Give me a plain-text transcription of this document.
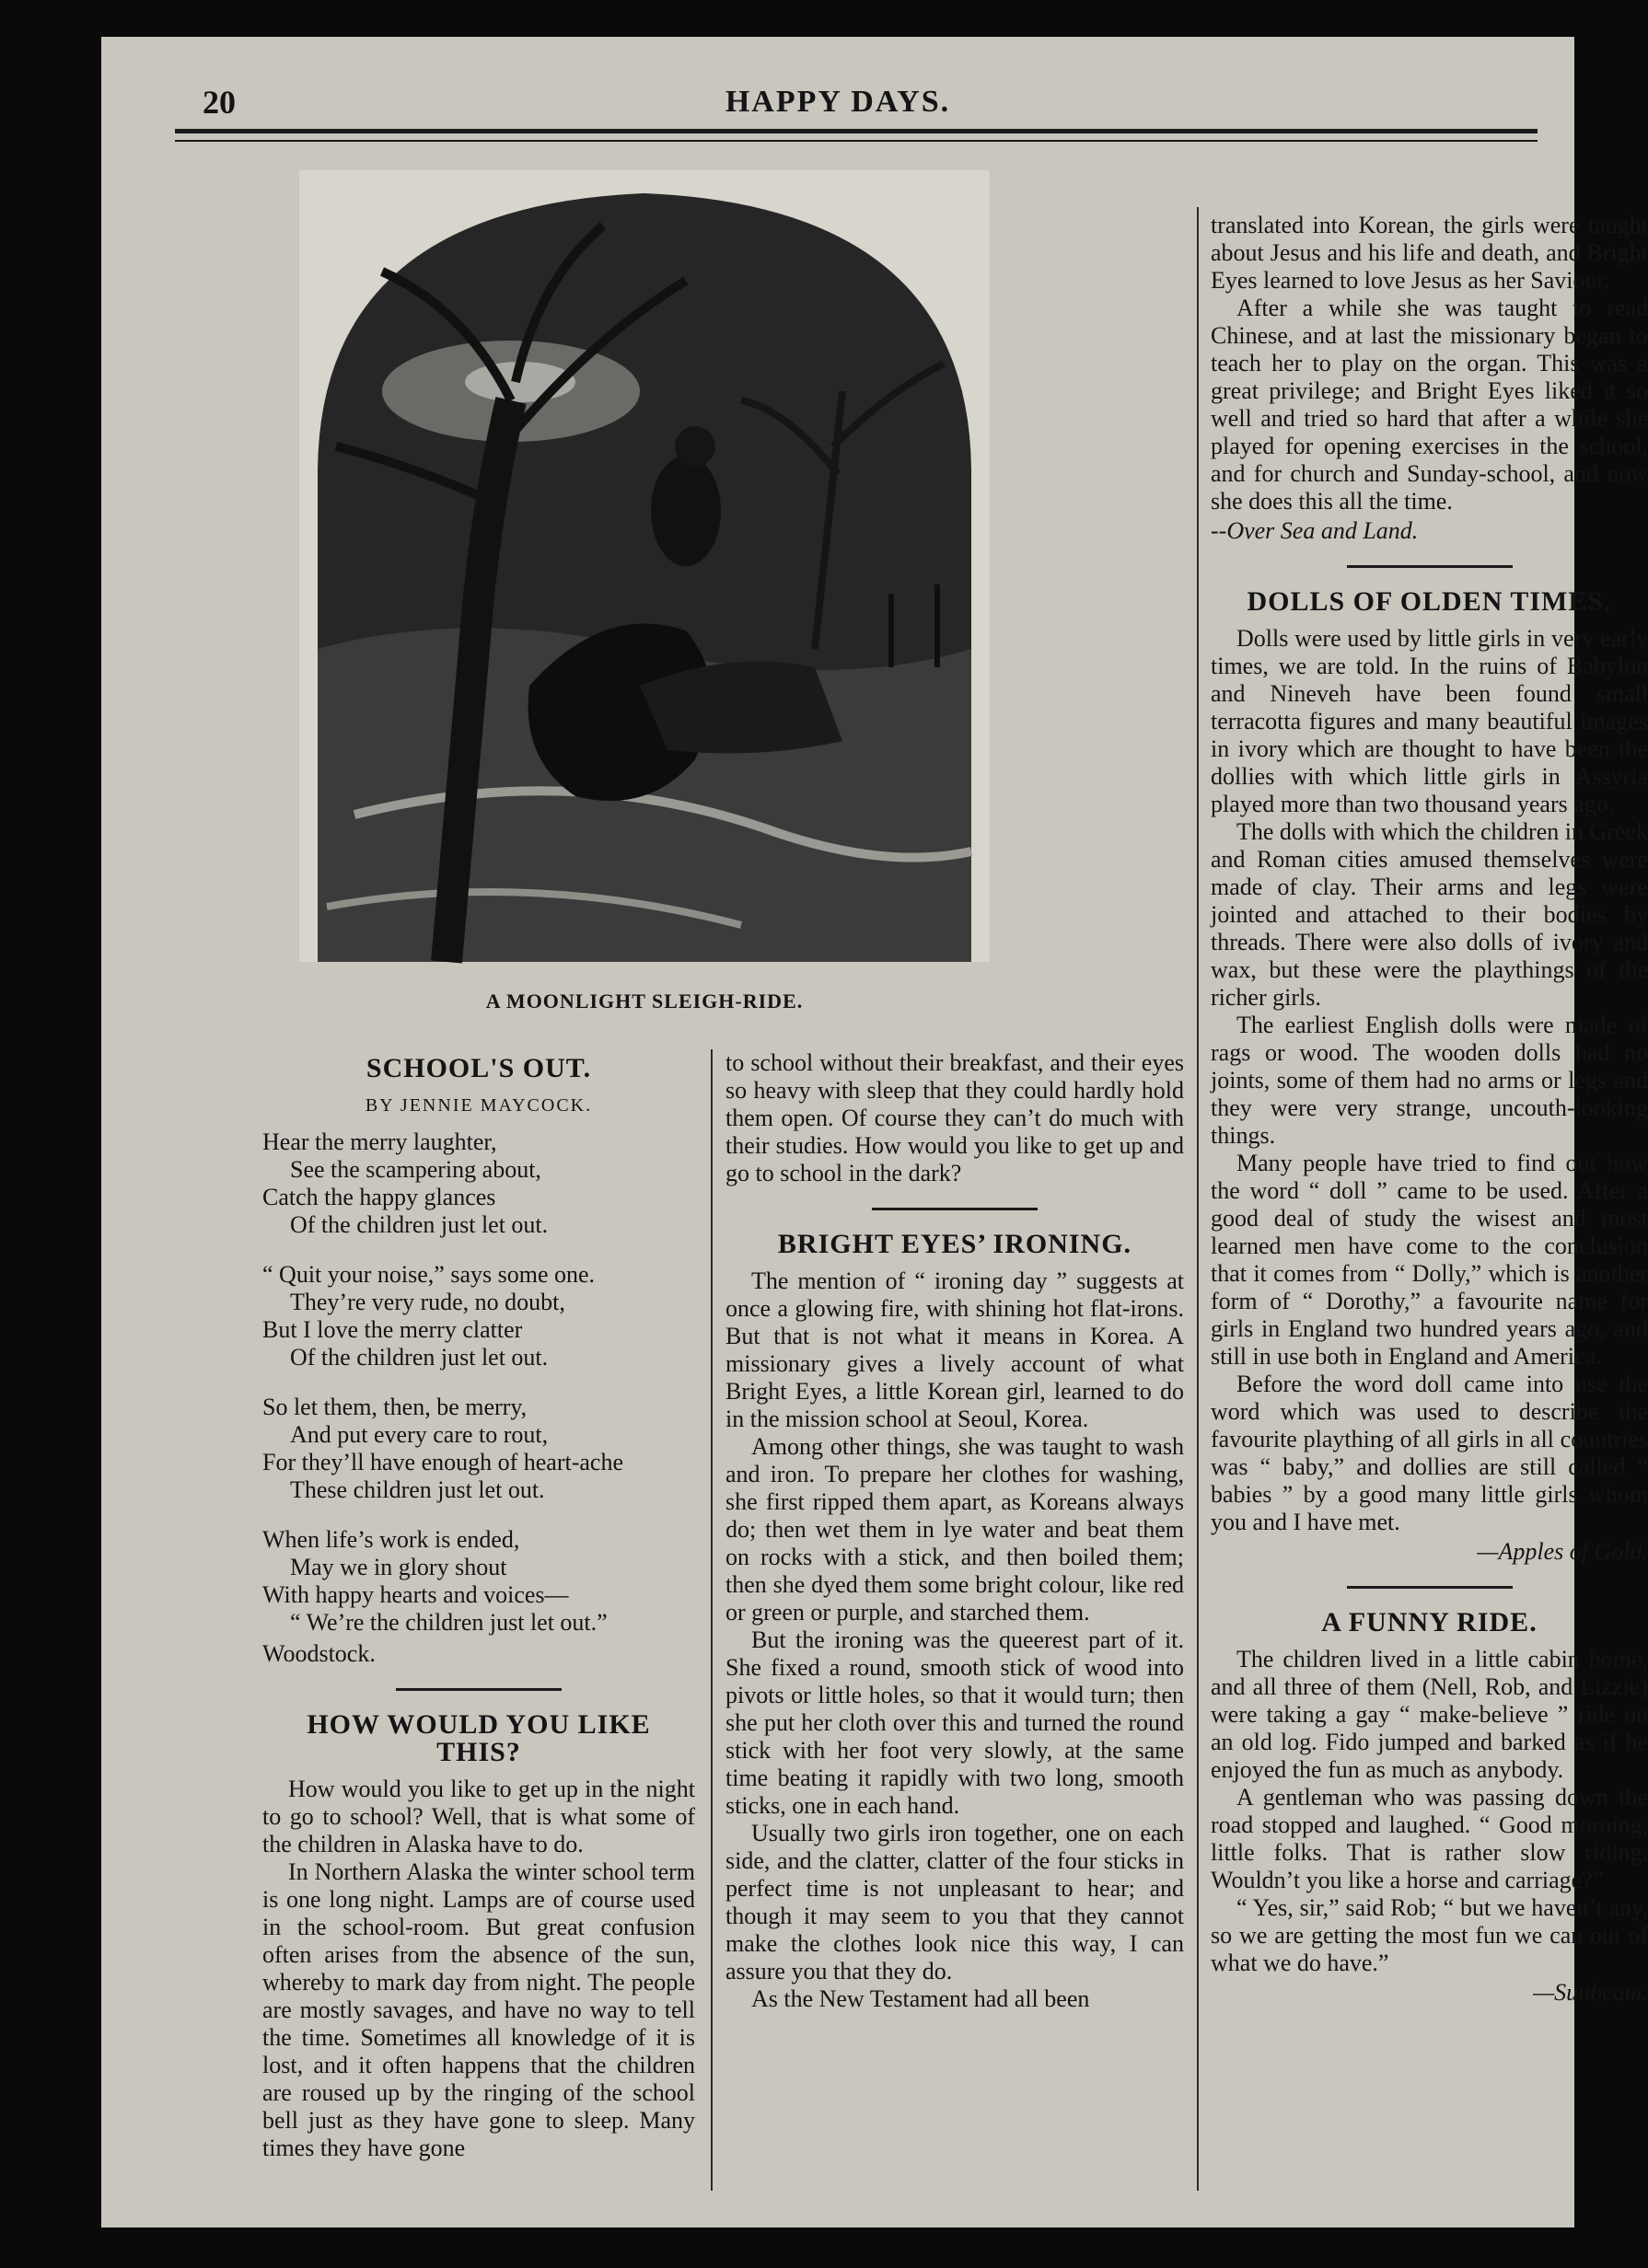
20	HAPPY DAYS.
A MOONLIGHT SLEIGH-RIDE.
SCHOOL'S OUT.
BY JENNIE MAYCOCK.
Hear the merry laughter,
See the scampering about,
Catch the happy glances
Of the children just let out.
“ Quit your noise,” says some one.
They’re very rude, no doubt,
But I love the merry clatter
Of the children just let out.
So let them, then, be merry,
And put every care to rout,
For they’ll have enough of heart-ache
These children just let out.
When life’s work is ended,
May we in glory shout
With happy hearts and voices—
“ We’re the children just let out.”

Woodstock.

HOW WOULD YOU LIKE THIS?

How would you like to get up in the night to go to school? Well, that is what some of the children in Alaska have to do.

In Northern Alaska the winter school term is one long night. Lamps are of course used in the school-room. But great confusion often arises from the absence of the sun, whereby to mark day from night. The people are mostly savages, and have no way to tell the time. Sometimes all knowledge of it is lost, and it often happens that the children are roused up by the ringing of the school bell just as they have gone to sleep. Many times they have gone

to school without their breakfast, and their eyes so heavy with sleep that they could hardly hold them open. Of course they can’t do much with their studies. How would you like to get up and go to school in the dark?

BRIGHT EYES’ IRONING.

The mention of “ ironing day ” suggests at once a glowing fire, with shining hot flat-irons. But that is not what it means in Korea. A missionary gives a lively account of what Bright Eyes, a little Korean girl, learned to do in the mission school at Seoul, Korea.

Among other things, she was taught to wash and iron. To prepare her clothes for washing, she first ripped them apart, as Koreans always do; then wet them in lye water and beat them on rocks with a stick, and then boiled them; then she dyed them some bright colour, like red or green or purple, and starched them.

But the ironing was the queerest part of it. She fixed a round, smooth stick of wood into pivots or little holes, so that it would turn; then she put her cloth over this and turned the round stick with her foot very slowly, at the same time beating it rapidly with two long, smooth sticks, one in each hand.

Usually two girls iron together, one on each side, and the clatter, clatter of the four sticks in perfect time is not unpleasant to hear; and though it may seem to you that they cannot make the clothes look nice this way, I can assure you that they do.

As the New Testament had all been

translated into Korean, the girls were taught about Jesus and his life and death, and Bright Eyes learned to love Jesus as her Saviour.

After a while she was taught to read Chinese, and at last the missionary began to teach her to play on the organ. This was a great privilege; and Bright Eyes liked it so well and tried so hard that after a while she played for opening exercises in the school, and for church and Sunday-school, and now she does this all the time.

--Over Sea and Land.

DOLLS OF OLDEN TIMES.

Dolls were used by little girls in very early times, we are told. In the ruins of Babylon and Nineveh have been found small terracotta figures and many beautiful images in ivory which are thought to have been the dollies with which little girls in Assyria played more than two thousand years ago.

The dolls with which the children in Greek and Roman cities amused themselves were made of clay. Their arms and legs were jointed and attached to their bodies by threads. There were also dolls of ivory and wax, but these were the playthings of the richer girls.

The earliest English dolls were made of rags or wood. The wooden dolls had no joints, some of them had no arms or legs and they were very strange, uncouth-looking things.

Many people have tried to find out how the word “ doll ” came to be used. After a good deal of study the wisest and most learned men have come to the conclusion that it comes from “ Dolly,” which is another form of “ Dorothy,” a favourite name for girls in England two hundred years ago, and still in use both in England and America.

Before the word doll came into use the word which was used to describe the favourite plaything of all girls in all countries was “ baby,” and dollies are still called “ babies ” by a good many little girls whom you and I have met.

—Apples of Gold.

A FUNNY RIDE.

The children lived in a little cabin home, and all three of them (Nell, Rob, and Lizzie) were taking a gay “ make-believe ” ride on an old log. Fido jumped and barked as if he enjoyed the fun as much as anybody.

A gentleman who was passing down the road stopped and laughed. “ Good morning, little folks. That is rather slow riding. Wouldn’t you like a horse and carriage?”

“ Yes, sir,” said Rob; “ but we haven’t any, so we are getting the most fun we can out of what we do have.”

—Sunbeam.
